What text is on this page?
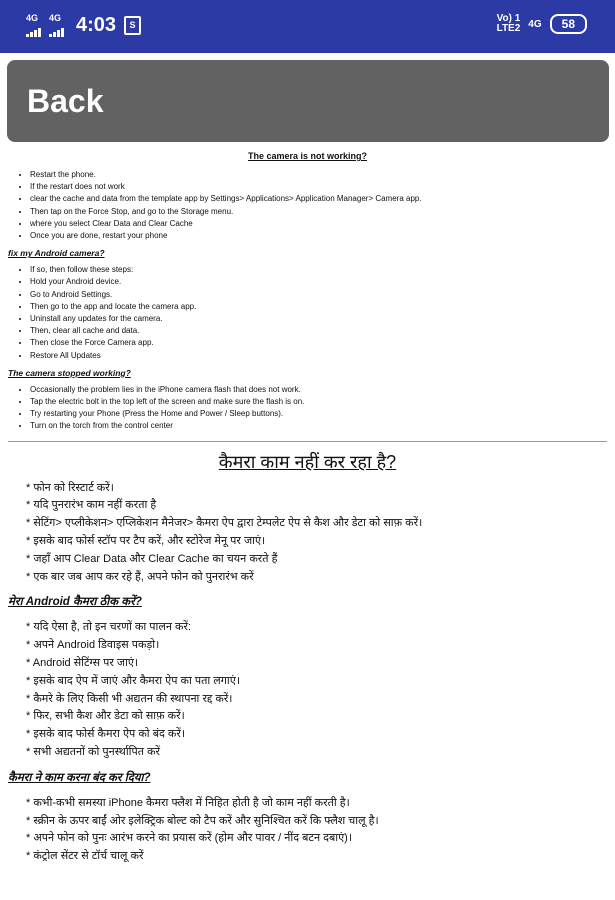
4G 4G 4:03	S
Vo) 1
LTE2 4G	58
Back
The camera is not working?
• Restart the phone.
• If the restart does not work
• clear the cache and data from the template app by Settings> Applications> Application Manager> Camera app.
• Then tap on the Force Stop, and go to the Storage menu.
• where you select Clear Data and Clear Cache
• Once you are done, restart your phone
fix my Android camera?
• If so, then follow these steps:
• Hold your Android device.
• Go to Android Settings.
• Then go to the app and locate the camera app.
• Uninstall any updates for the camera.
• Then, clear all cache and data.
• Then close the Force Camera app.
• Restore All Updates
The camera stopped working?
• Occasionally the problem lies in the iPhone camera flash that does not work.
• Tap the electric bolt in the top left of the screen and make sure the flash is on.
• Try restarting your Phone (Press the Home and Power / Sleep buttons).
• Turn on the torch from the control center
कैमरा काम नहीं कर रहा है?
* फोन को रिस्टार्ट करें।
* यदि पुनरारंभ काम नहीं करता है
* सेटिंग> एप्लीकेशन> एप्लिकेशन मैनेजर> कैमरा ऐप द्वारा टेम्पलेट ऐप से कैश और डेटा को साफ़ करें।
* इसके बाद फोर्स स्टॉप पर टैप करें, और स्टोरेज मेनू पर जाएं।
* जहाँ आप Clear Data और Clear Cache का चयन करते हैं
* एक बार जब आप कर रहे हैं, अपने फोन को पुनरारंभ करें
मेरा Android कैमरा ठीक करें?
* यदि ऐसा है, तो इन चरणों का पालन करें:
* अपने Android डिवाइस पकड़ो।
* Android सेटिंग्स पर जाएं।
* इसके बाद ऐप में जाएं और कैमरा ऐप का पता लगाएं।
* कैमरे के लिए किसी भी अद्यतन की स्थापना रद्द करें।
* फिर, सभी कैश और डेटा को साफ़ करें।
* इसके बाद फोर्स कैमरा ऐप को बंद करें।
* सभी अद्यतनों को पुनर्स्थापित करें
कैमरा ने काम करना बंद कर दिया?
* कभी-कभी समस्या iPhone कैमरा फ्लैश में निहित होती है जो काम नहीं करती है।
* स्क्रीन के ऊपर बाईं ओर इलेक्ट्रिक बोल्ट को टैप करें और सुनिश्चित करें कि फ्लैश चालू है।
* अपने फोन को पुनः आरंभ करने का प्रयास करें (होम और पावर / नींद बटन दबाएं)।
* कंट्रोल सेंटर से टॉर्च चालू करें
